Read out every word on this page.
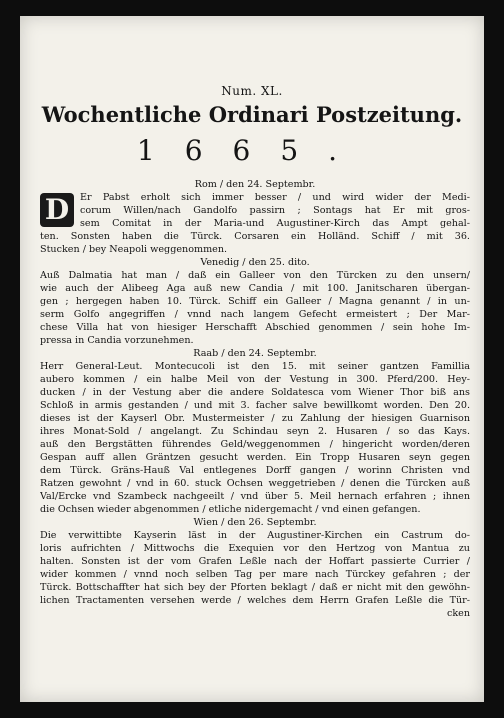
Num. XL.
Wochentliche Ordinari Postzeitung.
1665.
Rom / den 24. Septembr.
D	Er Pabst erholt sich immer besser / und wird wider der Medi-
corum Willen/nach Gandolfo passirn ; Sontags hat Er mit gros-
sem Comitat in der Maria-und Augustiner-Kirch das Ampt gehal-
ten. Sonsten haben die Türck. Corsaren ein Holländ. Schiff / mit 36.
Stucken / bey Neapoli weggenommen.
Venedig / den 25. dito.
Auß Dalmatia hat man / daß ein Galleer von den Türcken zu den unsern/
wie auch der Alibeeg Aga auß new Candia / mit 100. Janitscharen übergan-
gen ; hergegen haben 10. Türck. Schiff ein Galleer / Magna genannt / in un-
serm Golfo angegriffen / vnnd nach langem Gefecht ermeistert ; Der Mar-
chese Villa hat von hiesiger Herschafft Abschied genommen / sein hohe Im-
pressa in Candia vorzunehmen.
Raab / den 24. Septembr.
Herr General-Leut. Montecucoli ist den 15. mit seiner gantzen Famillia
aubero kommen / ein halbe Meil von der Vestung in 300. Pferd/200. Hey-
ducken / in der Vestung aber die andere Soldatesca vom Wiener Thor biß ans
Schloß in armis gestanden / und mit 3. facher salve bewillkomt worden. Den 20.
dieses ist der Kayserl Obr. Mustermeister / zu Zahlung der hiesigen Guarnison
ihres Monat-Sold / angelangt. Zu Schindau seyn 2. Husaren / so das Kays.
auß den Bergstätten führendes Geld/weggenommen / hingericht worden/deren
Gespan auff allen Gräntzen gesucht werden. Ein Tropp Husaren seyn gegen
dem Türck. Gräns-Hauß Val entlegenes Dorff gangen / worinn Christen vnd
Ratzen gewohnt / vnd in 60. stuck Ochsen weggetrieben / denen die Türcken auß
Val/Ercke vnd Szambeck nachgeeilt / vnd über 5. Meil hernach erfahren ; ihnen
die Ochsen wieder abgenommen / etliche nidergemacht / vnd einen gefangen.
Wien / den 26. Septembr.
Die verwittibte Kayserin läst in der Augustiner-Kirchen ein Castrum do-
loris aufrichten / Mittwochs die Exequien vor den Hertzog von Mantua zu
halten. Sonsten ist der vom Grafen Leßle nach der Hoffart passierte Currier /
wider kommen / vnnd noch selben Tag per mare nach Türckey gefahren ; der
Türck. Bottschaffter hat sich bey der Pforten beklagt / daß er nicht mit den gewöhn-
lichen Tractamenten versehen werde / welches dem Herrn Grafen Leßle die Tür-
cken
